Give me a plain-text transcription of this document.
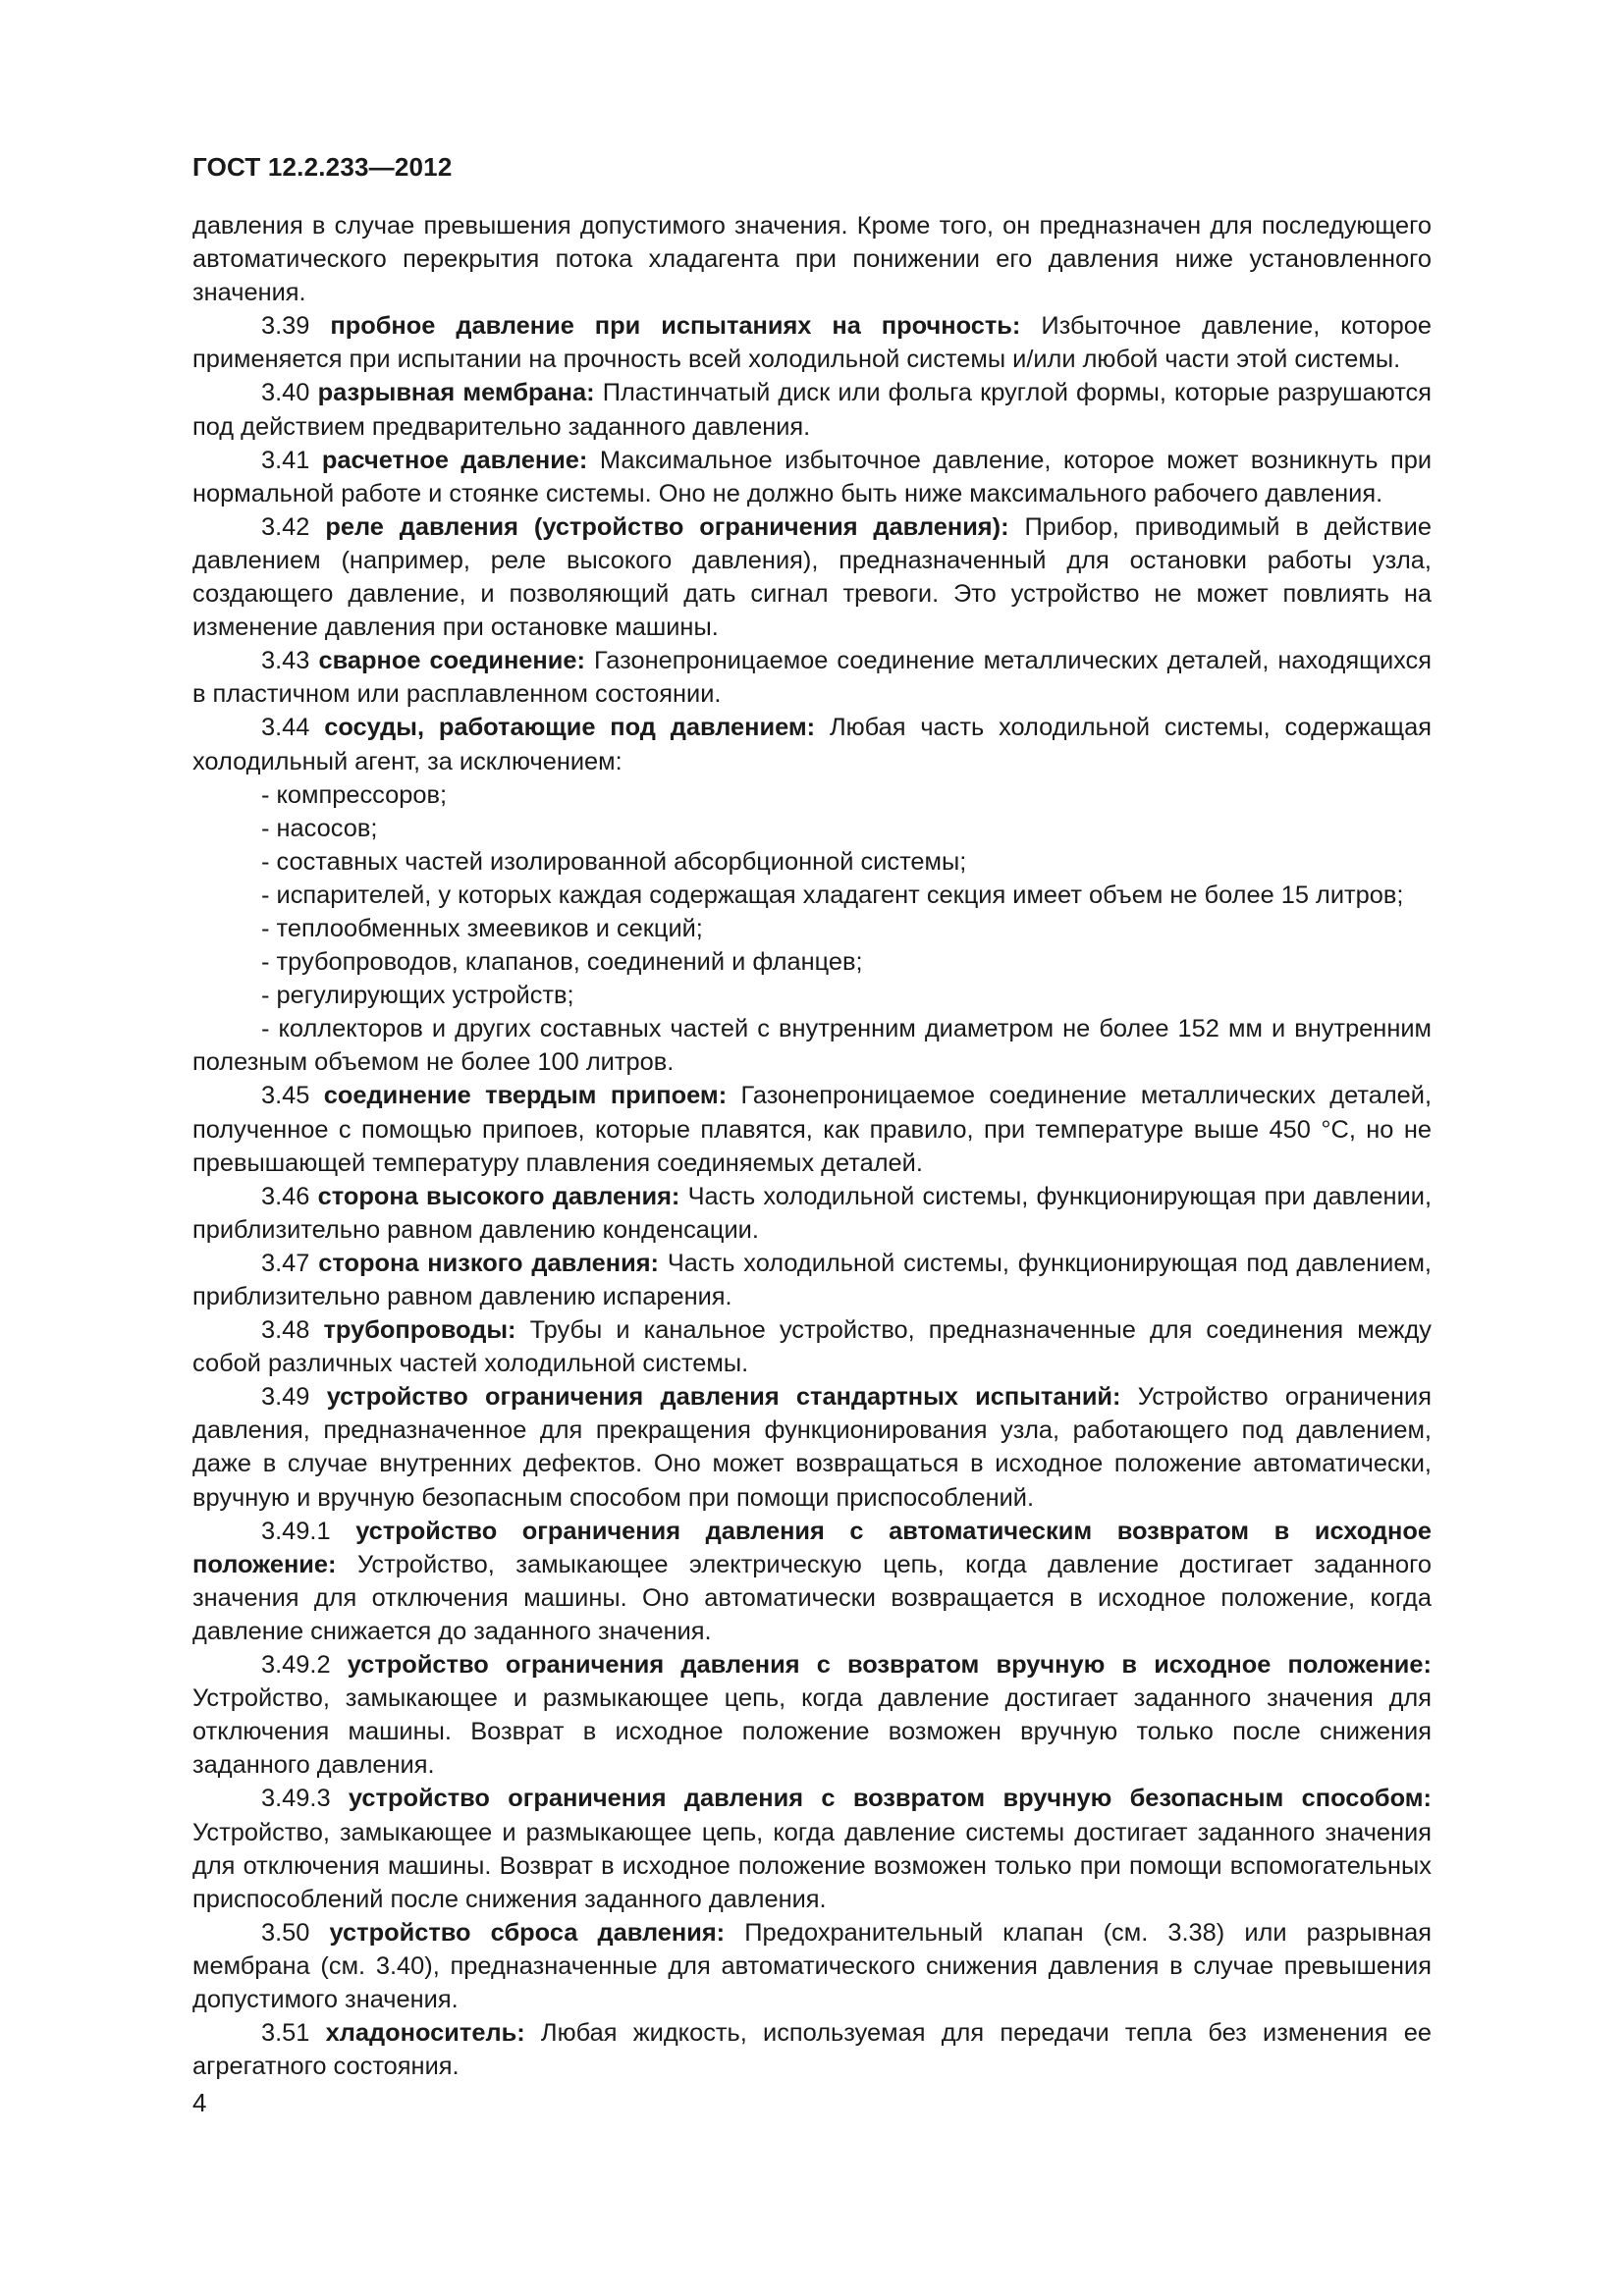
ГОСТ 12.2.233—2012

давления в случае превышения допустимого значения. Кроме того, он предназначен для последующего автоматического перекрытия потока хладагента при понижении его давления ниже установленного значения.

3.39 пробное давление при испытаниях на прочность: Избыточное давление, которое применяется при испытании на прочность всей холодильной системы и/или любой части этой системы.

3.40 разрывная мембрана: Пластинчатый диск или фольга круглой формы, которые разрушаются под действием предварительно заданного давления.

3.41 расчетное давление: Максимальное избыточное давление, которое может возникнуть при нормальной работе и стоянке системы. Оно не должно быть ниже максимального рабочего давления.

3.42 реле давления (устройство ограничения давления): Прибор, приводимый в действие давлением (например, реле высокого давления), предназначенный для остановки работы узла, создающего давление, и позволяющий дать сигнал тревоги. Это устройство не может повлиять на изменение давления при остановке машины.

3.43 сварное соединение: Газонепроницаемое соединение металлических деталей, находящихся в пластичном или расплавленном состоянии.

3.44 сосуды, работающие под давлением: Любая часть холодильной системы, содержащая холодильный агент, за исключением:

- компрессоров;
- насосов;
- составных частей изолированной абсорбционной системы;
- испарителей, у которых каждая содержащая хладагент секция имеет объем не более 15 литров;
- теплообменных змеевиков и секций;
- трубопроводов, клапанов, соединений и фланцев;
- регулирующих устройств;
- коллекторов и других составных частей с внутренним диаметром не более 152 мм и внутренним полезным объемом не более 100 литров.

3.45 соединение твердым припоем: Газонепроницаемое соединение металлических деталей, полученное с помощью припоев, которые плавятся, как правило, при температуре выше 450 °С, но не превышающей температуру плавления соединяемых деталей.

3.46 сторона высокого давления: Часть холодильной системы, функционирующая при давлении, приблизительно равном давлению конденсации.

3.47 сторона низкого давления: Часть холодильной системы, функционирующая под давлением, приблизительно равном давлению испарения.

3.48 трубопроводы: Трубы и канальное устройство, предназначенные для соединения между собой различных частей холодильной системы.

3.49 устройство ограничения давления стандартных испытаний: Устройство ограничения давления, предназначенное для прекращения функционирования узла, работающего под давлением, даже в случае внутренних дефектов. Оно может возвращаться в исходное положение автоматически, вручную и вручную безопасным способом при помощи приспособлений.

3.49.1 устройство ограничения давления с автоматическим возвратом в исходное положение: Устройство, замыкающее электрическую цепь, когда давление достигает заданного значения для отключения машины. Оно автоматически возвращается в исходное положение, когда давление снижается до заданного значения.

3.49.2 устройство ограничения давления с возвратом вручную в исходное положение: Устройство, замыкающее и размыкающее цепь, когда давление достигает заданного значения для отключения машины. Возврат в исходное положение возможен вручную только после снижения заданного давления.

3.49.3 устройство ограничения давления с возвратом вручную безопасным способом: Устройство, замыкающее и размыкающее цепь, когда давление системы достигает заданного значения для отключения машины. Возврат в исходное положение возможен только при помощи вспомогательных приспособлений после снижения заданного давления.

3.50 устройство сброса давления: Предохранительный клапан (см. 3.38) или разрывная мембрана (см. 3.40), предназначенные для автоматического снижения давления в случае превышения допустимого значения.

3.51 хладоноситель: Любая жидкость, используемая для передачи тепла без изменения ее агрегатного состояния.

4
